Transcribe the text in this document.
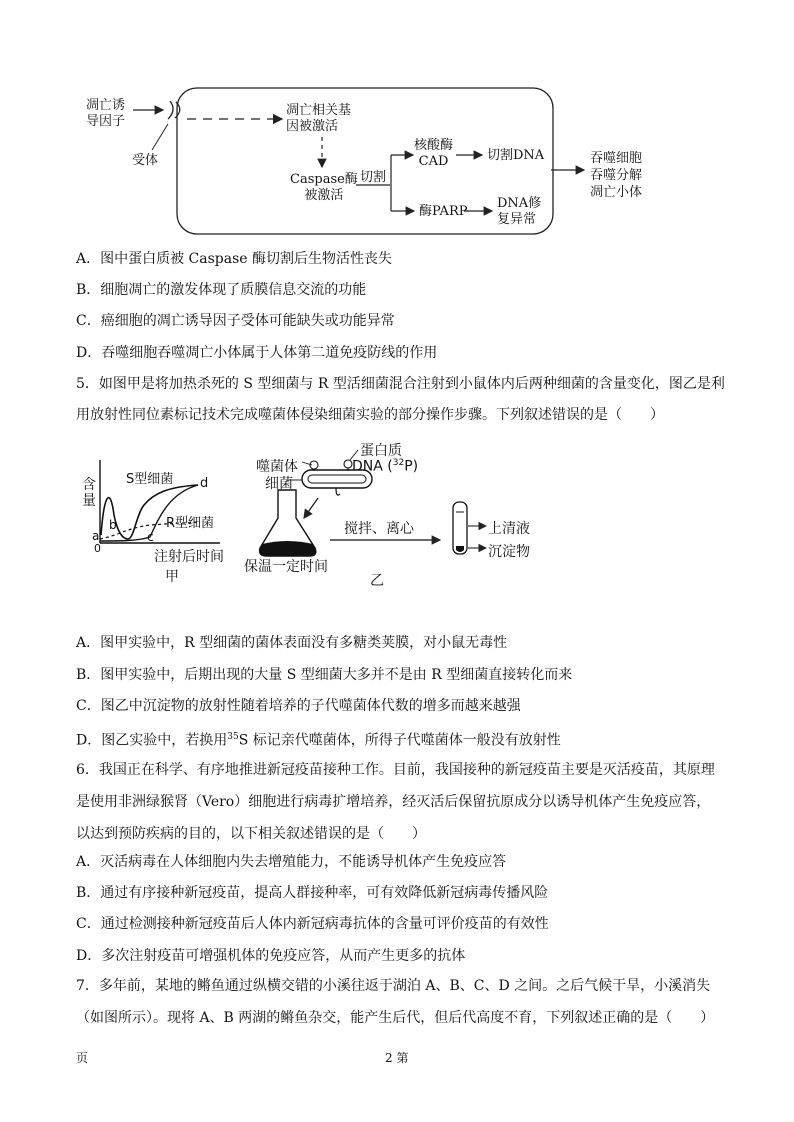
凋亡诱
导因子
受体
凋亡相关基
因被激活
Caspase酶
被激活
切割
核酸酶
CAD	切割DNA
酶PARP
DNA修
复异常
吞噬细胞
吞噬分解
凋亡小体
A．图中蛋白质被 Caspase 酶切割后生物活性丧失
B．细胞凋亡的激发体现了质膜信息交流的功能
C．癌细胞的凋亡诱导因子受体可能缺失或功能异常
D．吞噬细胞吞噬凋亡小体属于人体第二道免疫防线的作用
5．如图甲是将加热杀死的 S 型细菌与 R 型活细菌混合注射到小鼠体内后两种细菌的含量变化，图乙是利
用放射性同位素标记技术完成噬菌体侵染细菌实验的部分操作步骤。下列叙述错误的是（　　）
含
量
S型细菌
R型细菌
d
a
b
c
0
注射后时间
甲
噬菌体
细菌
蛋白质
DNA ($^{32}$P)
保温一定时间
搅拌、离心	上清液
沉淀物
乙
A．图甲实验中，R 型细菌的菌体表面没有多糖类荚膜，对小鼠无毒性
B．图甲实验中，后期出现的大量 S 型细菌大多并不是由 R 型细菌直接转化而来
C．图乙中沉淀物的放射性随着培养的子代噬菌体代数的增多而越来越强
D．图乙实验中，若换用$^{35}$S 标记亲代噬菌体，所得子代噬菌体一般没有放射性
6．我国正在科学、有序地推进新冠疫苗接种工作。目前，我国接种的新冠疫苗主要是灭活疫苗，其原理是使用非洲绿猴肾（Vero）细胞进行病毒扩增培养，经灭活后保留抗原成分以诱导机体产生免疫应答，以达到预防疾病的目的，以下相关叙述错误的是（　　）
A．灭活病毒在人体细胞内失去增殖能力，不能诱导机体产生免疫应答
B．通过有序接种新冠疫苗，提高人群接种率，可有效降低新冠病毒传播风险
C．通过检测接种新冠疫苗后人体内新冠病毒抗体的含量可评价疫苗的有效性
D．多次注射疫苗可增强机体的免疫应答，从而产生更多的抗体
7．多年前，某地的鳉鱼通过纵横交错的小溪往返于湖泊 A、B、C、D 之间。之后气候干旱，小溪消失（如图所示）。现将 A、B 两湖的鳉鱼杂交，能产生后代，但后代高度不育，下列叙述正确的是（　　）
页	2 第
